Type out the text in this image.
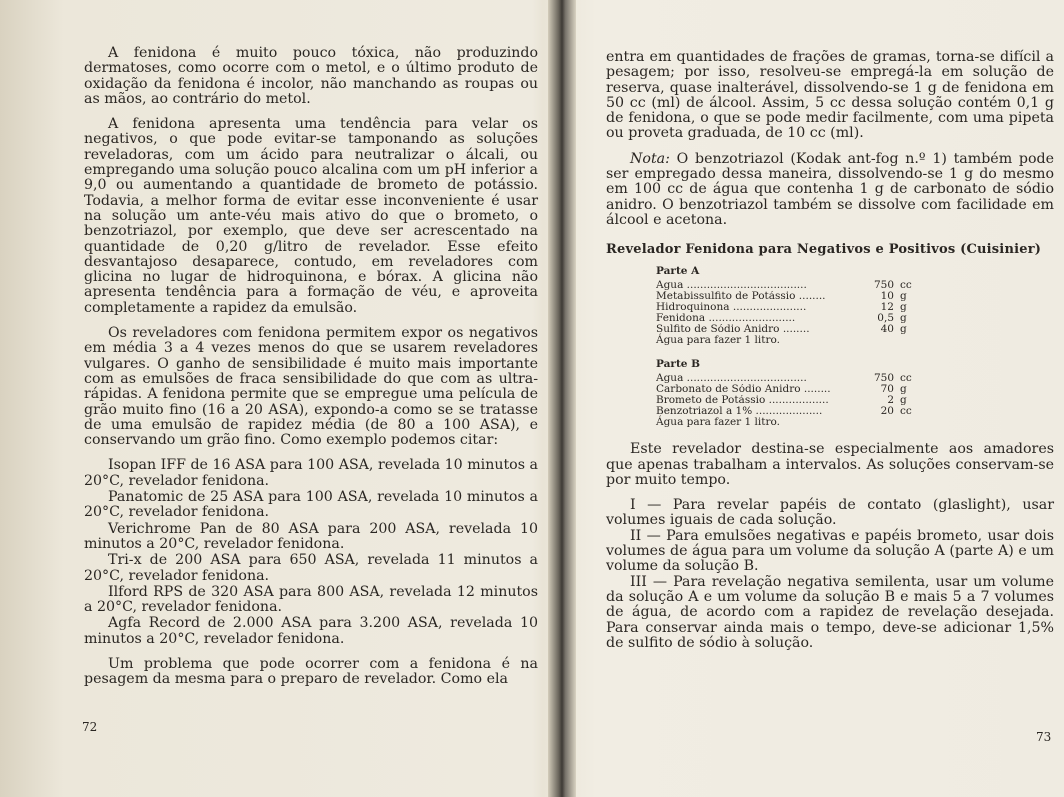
A fenidona é muito pouco tóxica, não produzindo dermatoses, como ocorre com o metol, e o último produto de oxidação da fenidona é incolor, não manchando as roupas ou as mãos, ao contrário do metol.

A fenidona apresenta uma tendência para velar os negativos, o que pode evitar-se tamponando as soluções reveladoras, com um ácido para neutralizar o álcali, ou empregando uma solução pouco alcalina com um pH inferior a 9,0 ou aumentando a quantidade de brometo de potássio. Todavia, a melhor forma de evitar esse inconveniente é usar na solução um ante-véu mais ativo do que o brometo, o benzotriazol, por exemplo, que deve ser acrescentado na quantidade de 0,20 g/litro de revelador. Esse efeito desvantajoso desaparece, contudo, em reveladores com glicina no lugar de hidroquinona, e bórax. A glicina não apresenta tendência para a formação de véu, e aproveita completamente a rapidez da emulsão.

Os reveladores com fenidona permitem expor os negativos em média 3 a 4 vezes menos do que se usarem reveladores vulgares. O ganho de sensibilidade é muito mais importante com as emulsões de fraca sensibilidade do que com as ultra-rápidas. A fenidona permite que se empregue uma película de grão muito fino (16 a 20 ASA), expondo-a como se se tratasse de uma emulsão de rapidez média (de 80 a 100 ASA), e conservando um grão fino. Como exemplo podemos citar:

Isopan IFF de 16 ASA para 100 ASA, revelada 10 minutos a 20°C, revelador fenidona.

Panatomic de 25 ASA para 100 ASA, revelada 10 minutos a 20°C, revelador fenidona.

Verichrome Pan de 80 ASA para 200 ASA, revelada 10 minutos a 20°C, revelador fenidona.

Tri-x de 200 ASA para 650 ASA, revelada 11 minutos a 20°C, revelador fenidona.

Ilford RPS de 320 ASA para 800 ASA, revelada 12 minutos a 20°C, revelador fenidona.

Agfa Record de 2.000 ASA para 3.200 ASA, revelada 10 minutos a 20°C, revelador fenidona.

Um problema que pode ocorrer com a fenidona é na pesagem da mesma para o preparo de revelador. Como ela

72

entra em quantidades de frações de gramas, torna-se difícil a pesagem; por isso, resolveu-se empregá-la em solução de reserva, quase inalterável, dissolvendo-se 1 g de fenidona em 50 cc (ml) de álcool. Assim, 5 cc dessa solução contém 0,1 g de fenidona, o que se pode medir facilmente, com uma pipeta ou proveta graduada, de 10 cc (ml).

Nota: O benzotriazol (Kodak ant-fog n.º 1) também pode ser empregado dessa maneira, dissolvendo-se 1 g do mesmo em 100 cc de água que contenha 1 g de carbonato de sódio anidro. O benzotriazol também se dissolve com facilidade em álcool e acetona.

Revelador Fenidona para Negativos e Positivos (Cuisinier)
Parte A
Água ....................................	750	cc
Metabissulfito de Potássio ........	10	g
Hidroquinona ......................	12	g
Fenidona ..........................	0,5	g
Sulfito de Sódio Anidro ........	40	g
Água para fazer 1 litro.
Parte B
Água ....................................	750	cc
Carbonato de Sódio Anidro ........	70	g
Brometo de Potássio ..................	2	g
Benzotriazol a 1% ....................	20	cc
Água para fazer 1 litro.

Este revelador destina-se especialmente aos amadores que apenas trabalham a intervalos. As soluções conservam-se por muito tempo.

I — Para revelar papéis de contato (glaslight), usar volumes iguais de cada solução.

II — Para emulsões negativas e papéis brometo, usar dois volumes de água para um volume da solução A (parte A) e um volume da solução B.

III — Para revelação negativa semilenta, usar um volume da solução A e um volume da solução B e mais 5 a 7 volumes de água, de acordo com a rapidez de revelação desejada. Para conservar ainda mais o tempo, deve-se adicionar 1,5% de sulfito de sódio à solução.

73
